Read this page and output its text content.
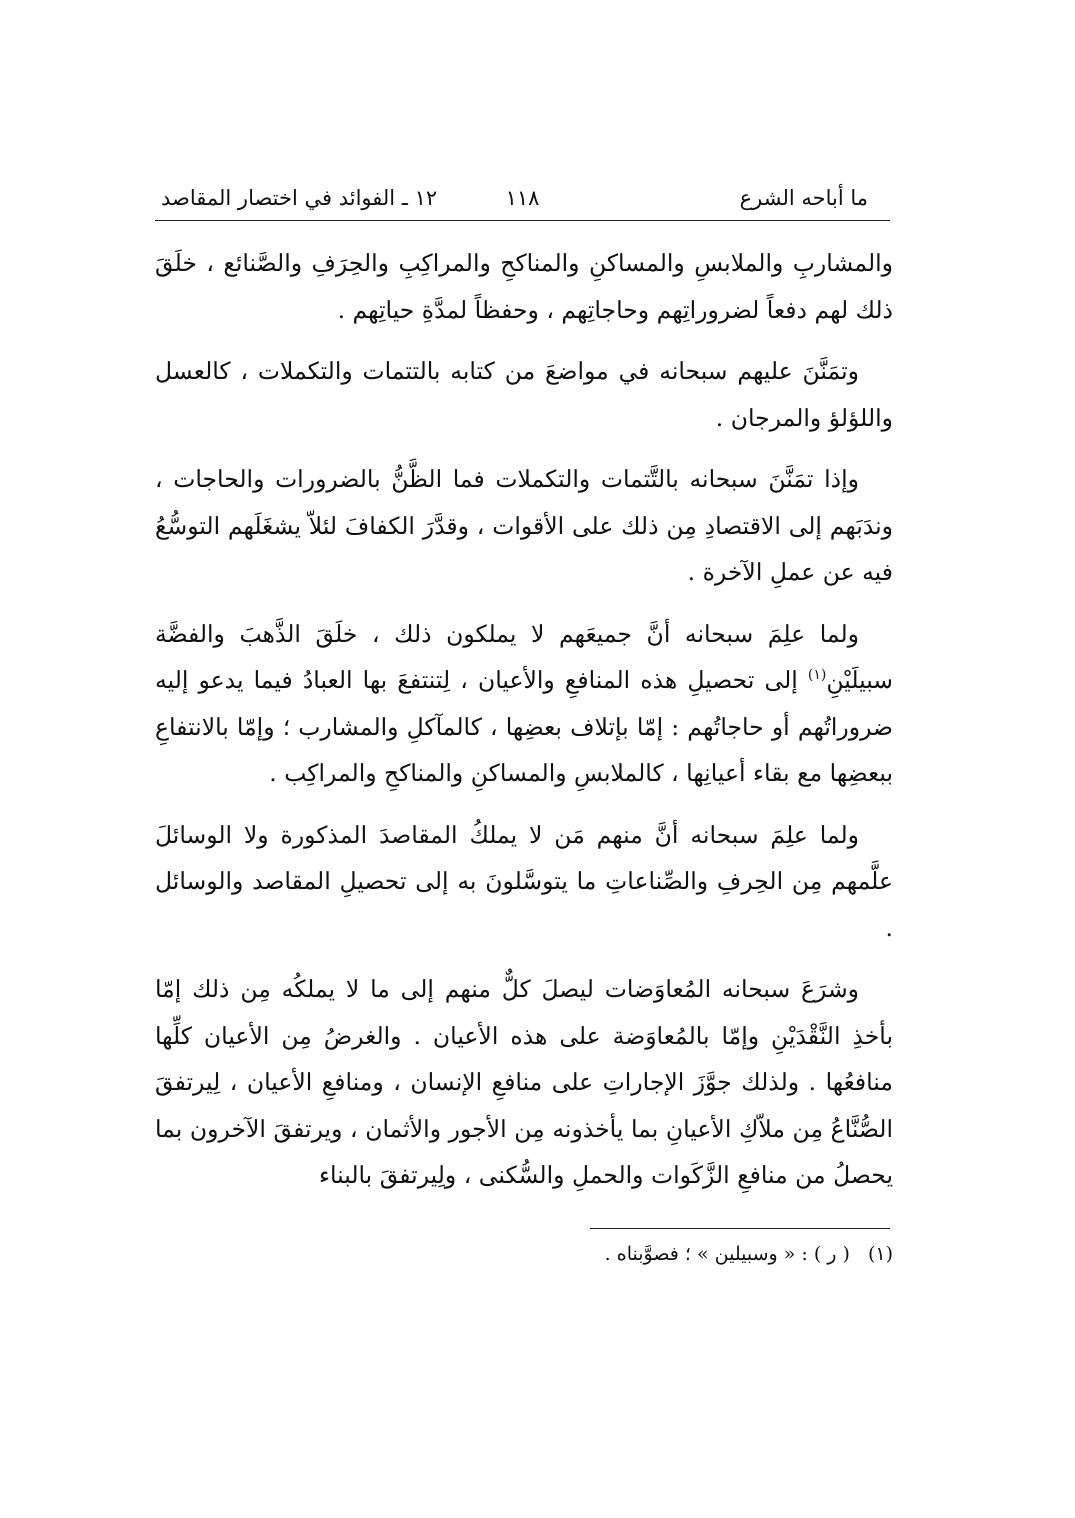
ما أباحه الشرع
١١٨
١٢ ـ الفوائد في اختصار المقاصد

والمشاربِ والملابسِ والمساكنِ والمناكحِ والمراكِبِ والحِرَفِ والصَّنائع ، خلَقَ ذلك لهم دفعاً لضروراتِهم وحاجاتِهم ، وحفظاً لمدَّةِ حياتِهم .

وتمَنَّنَ عليهم سبحانه في مواضعَ من كتابه بالتتمات والتكملات ، كالعسل واللؤلؤ والمرجان .

وإذا تمَنَّنَ سبحانه بالتَّتمات والتكملات فما الظَّنُّ بالضرورات والحاجات ، وندَبَهم إلى الاقتصادِ مِن ذلك على الأقوات ، وقدَّرَ الكفافَ لئلاّ يشغَلَهم التوسُّعُ فيه عن عملِ الآخرة .

ولما علِمَ سبحانه أنَّ جميعَهم لا يملكون ذلك ، خلَقَ الذَّهبَ والفضَّة سبيلَيْنِ$^{(١)}$ إلى تحصيلِ هذه المنافعِ والأعيان ، لِتنتفعَ بها العبادُ فيما يدعو إليه ضروراتُهم أو حاجاتُهم : إمّا بإتلاف بعضِها ، كالمآكلِ والمشارب ؛ وإمّا بالانتفاعِ ببعضِها مع بقاء أعيانِها ، كالملابسِ والمساكنِ والمناكحِ والمراكِب .

ولما علِمَ سبحانه أنَّ منهم مَن لا يملكُ المقاصدَ المذكورة ولا الوسائلَ علَّمهم مِن الحِرفِ والصِّناعاتِ ما يتوسَّلونَ به إلى تحصيلِ المقاصد والوسائل .

وشرَعَ سبحانه المُعاوَضات ليصلَ كلٌّ منهم إلى ما لا يملكُه مِن ذلك إمّا بأخذِ النَّقْدَيْنِ وإمّا بالمُعاوَضة على هذه الأعيان . والغرضُ مِن الأعيان كلِّها منافعُها . ولذلك جوَّزَ الإجاراتِ على منافعِ الإنسان ، ومنافعِ الأعيان ، لِيرتفقَ الصُّنَّاعُ مِن ملاّكِ الأعيانِ بما يأخذونه مِن الأجور والأثمان ، ويرتفقَ الآخرون بما يحصلُ من منافعِ الزَّكَوات والحملِ والسُّكنى ، ولِيرتفقَ بالبناء

(١)( ر ) : « وسبيلين » ؛ فصوَّبناه .
